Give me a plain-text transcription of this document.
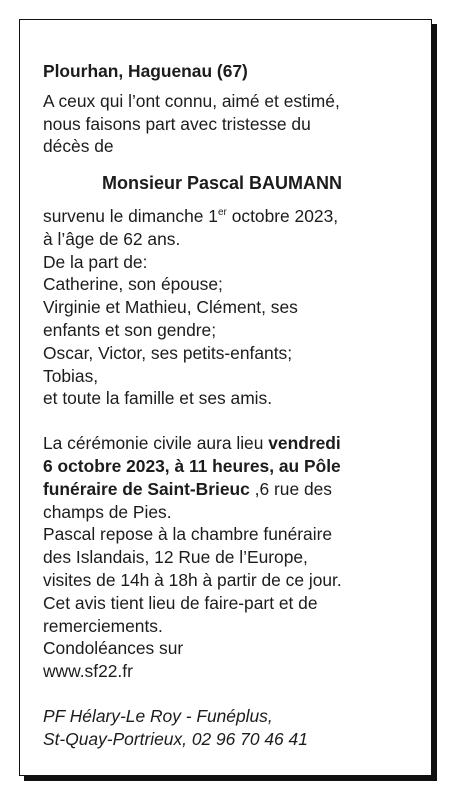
Plourhan, Haguenau (67)

A ceux qui l’ont connu, aimé et estimé,

nous faisons part avec tristesse du

décès de

Monsieur Pascal BAUMANN

survenu le dimanche 1er octobre 2023,

à l’âge de 62 ans.

De la part de:

Catherine, son épouse;

Virginie et Mathieu, Clément, ses

enfants et son gendre;

Oscar, Victor, ses petits-enfants;

Tobias,

et toute la famille et ses amis.

La cérémonie civile aura lieu vendredi

6 octobre 2023, à 11 heures, au Pôle

funéraire de Saint-Brieuc ,6 rue des

champs de Pies.

Pascal repose à la chambre funéraire

des Islandais, 12 Rue de l’Europe,

visites de 14h à 18h à partir de ce jour.

Cet avis tient lieu de faire-part et de

remerciements.

Condoléances sur

www.sf22.fr

PF Hélary-Le Roy - Funéplus,

St-Quay-Portrieux, 02 96 70 46 41
